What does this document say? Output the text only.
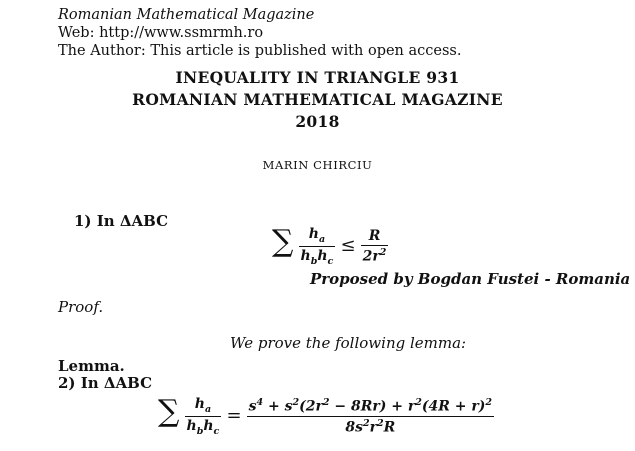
Romanian Mathematical Magazine
Web: http://www.ssmrmh.ro
The Author: This article is published with open access.
INEQUALITY IN TRIANGLE 931
ROMANIAN MATHEMATICAL MAGAZINE
2018
MARIN CHIRCIU
1) In ΔABC
∑ $\frac{h_a}{h_bh_c} \le \frac{R}{2r^2}$
Proposed by Bogdan Fustei - Romania
Proof.
We prove the following lemma:
Lemma.
2) In ΔABC
∑ $\frac{h_a}{h_bh_c} = \frac{s^4 + s^2(2r^2 - 8Rr) + r^2(4R + r)^2}{8s^2r^2R}$
